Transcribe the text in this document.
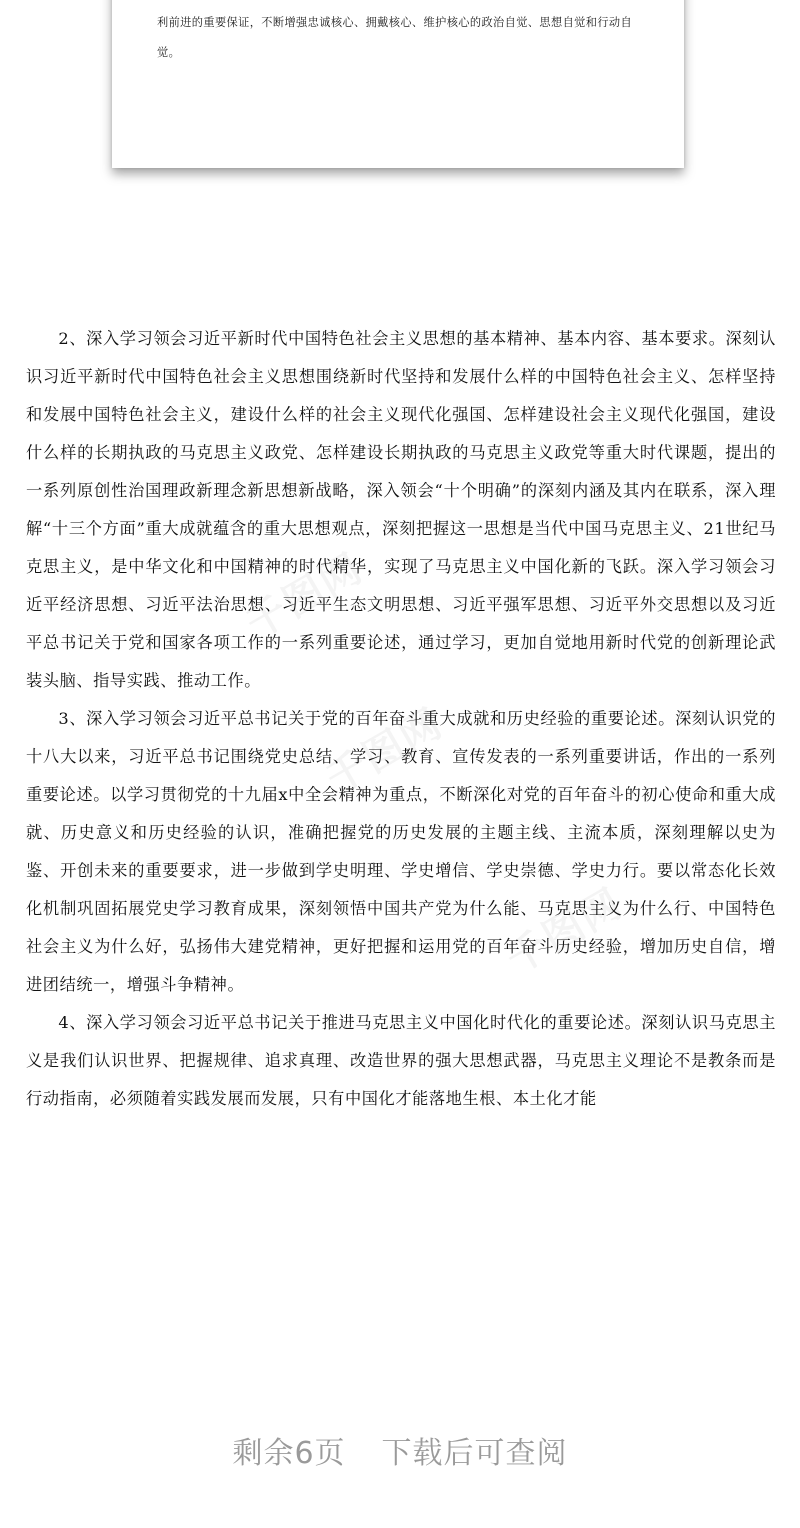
利前进的重要保证，不断增强忠诚核心、拥戴核心、维护核心的政治自觉、思想自觉和行动自觉。

千图网
千图网
千图网

2、深入学习领会习近平新时代中国特色社会主义思想的基本精神、基本内容、基本要求。深刻认识习近平新时代中国特色社会主义思想围绕新时代坚持和发展什么样的中国特色社会主义、怎样坚持和发展中国特色社会主义，建设什么样的社会主义现代化强国、怎样建设社会主义现代化强国，建设什么样的长期执政的马克思主义政党、怎样建设长期执政的马克思主义政党等重大时代课题，提出的一系列原创性治国理政新理念新思想新战略，深入领会“十个明确”的深刻内涵及其内在联系，深入理解“十三个方面”重大成就蕴含的重大思想观点，深刻把握这一思想是当代中国马克思主义、21世纪马克思主义，是中华文化和中国精神的时代精华，实现了马克思主义中国化新的飞跃。深入学习领会习近平经济思想、习近平法治思想、习近平生态文明思想、习近平强军思想、习近平外交思想以及习近平总书记关于党和国家各项工作的一系列重要论述，通过学习，更加自觉地用新时代党的创新理论武装头脑、指导实践、推动工作。

3、深入学习领会习近平总书记关于党的百年奋斗重大成就和历史经验的重要论述。深刻认识党的十八大以来，习近平总书记围绕党史总结、学习、教育、宣传发表的一系列重要讲话，作出的一系列重要论述。以学习贯彻党的十九届x中全会精神为重点，不断深化对党的百年奋斗的初心使命和重大成就、历史意义和历史经验的认识，准确把握党的历史发展的主题主线、主流本质，深刻理解以史为鉴、开创未来的重要要求，进一步做到学史明理、学史增信、学史崇德、学史力行。要以常态化长效化机制巩固拓展党史学习教育成果，深刻领悟中国共产党为什么能、马克思主义为什么行、中国特色社会主义为什么好，弘扬伟大建党精神，更好把握和运用党的百年奋斗历史经验，增加历史自信，增进团结统一，增强斗争精神。

4、深入学习领会习近平总书记关于推进马克思主义中国化时代化的重要论述。深刻认识马克思主义是我们认识世界、把握规律、追求真理、改造世界的强大思想武器，马克思主义理论不是教条而是行动指南，必须随着实践发展而发展，只有中国化才能落地生根、本土化才能

剩余6页 下载后可查阅
